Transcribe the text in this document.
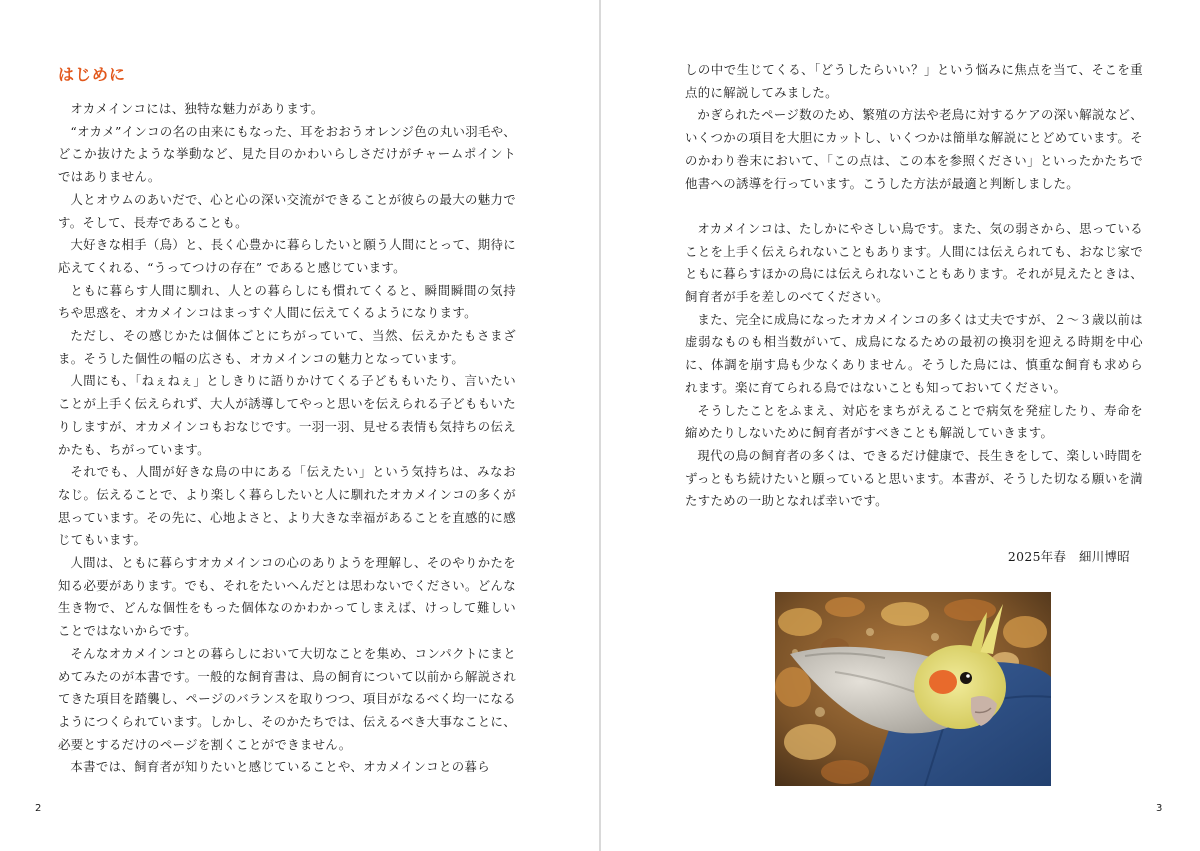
はじめに

オカメインコには、独特な魅力があります。

“オカメ”インコの名の由来にもなった、耳をおおうオレンジ色の丸い羽毛や、どこか抜けたような挙動など、見た目のかわいらしさだけがチャームポイントではありません。

人とオウムのあいだで、心と心の深い交流ができることが彼らの最大の魅力です。そして、長寿であることも。

大好きな相手（鳥）と、長く心豊かに暮らしたいと願う人間にとって、期待に応えてくれる、“うってつけの存在” であると感じています。

ともに暮らす人間に馴れ、人との暮らしにも慣れてくると、瞬間瞬間の気持ちや思惑を、オカメインコはまっすぐ人間に伝えてくるようになります。

ただし、その感じかたは個体ごとにちがっていて、当然、伝えかたもさまざま。そうした個性の幅の広さも、オカメインコの魅力となっています。

人間にも、「ねぇねぇ」としきりに語りかけてくる子どももいたり、言いたいことが上手く伝えられず、大人が誘導してやっと思いを伝えられる子どももいたりしますが、オカメインコもおなじです。一羽一羽、見せる表情も気持ちの伝えかたも、ちがっています。

それでも、人間が好きな鳥の中にある「伝えたい」という気持ちは、みなおなじ。伝えることで、より楽しく暮らしたいと人に馴れたオカメインコの多くが思っています。その先に、心地よさと、より大きな幸福があることを直感的に感じてもいます。

人間は、ともに暮らすオカメインコの心のありようを理解し、そのやりかたを知る必要があります。でも、それをたいへんだとは思わないでください。どんな生き物で、どんな個性をもった個体なのかわかってしまえば、けっして難しいことではないからです。

そんなオカメインコとの暮らしにおいて大切なことを集め、コンパクトにまとめてみたのが本書です。一般的な飼育書は、鳥の飼育について以前から解説されてきた項目を踏襲し、ページのバランスを取りつつ、項目がなるべく均一になるようにつくられています。しかし、そのかたちでは、伝えるべき大事なことに、必要とするだけのページを割くことができません。

本書では、飼育者が知りたいと感じていることや、オカメインコとの暮ら

2

しの中で生じてくる、「どうしたらいい？」という悩みに焦点を当て、そこを重点的に解説してみました。

かぎられたページ数のため、繁殖の方法や老鳥に対するケアの深い解説など、いくつかの項目を大胆にカットし、いくつかは簡単な解説にとどめています。そのかわり巻末において、「この点は、この本を参照ください」といったかたちで他書への誘導を行っています。こうした方法が最適と判断しました。

オカメインコは、たしかにやさしい鳥です。また、気の弱さから、思っていることを上手く伝えられないこともあります。人間には伝えられても、おなじ家でともに暮らすほかの鳥には伝えられないこともあります。それが見えたときは、飼育者が手を差しのべてください。

また、完全に成鳥になったオカメインコの多くは丈夫ですが、２～３歳以前は虚弱なものも相当数がいて、成鳥になるための最初の換羽を迎える時期を中心に、体調を崩す鳥も少なくありません。そうした鳥には、慎重な飼育も求められます。楽に育てられる鳥ではないことも知っておいてください。

そうしたことをふまえ、対応をまちがえることで病気を発症したり、寿命を縮めたりしないために飼育者がすべきことも解説していきます。

現代の鳥の飼育者の多くは、できるだけ健康で、長生きをして、楽しい時間をずっともち続けたいと願っていると思います。本書が、そうした切なる願いを満たすための一助となれば幸いです。

2025年春　細川博昭
3
